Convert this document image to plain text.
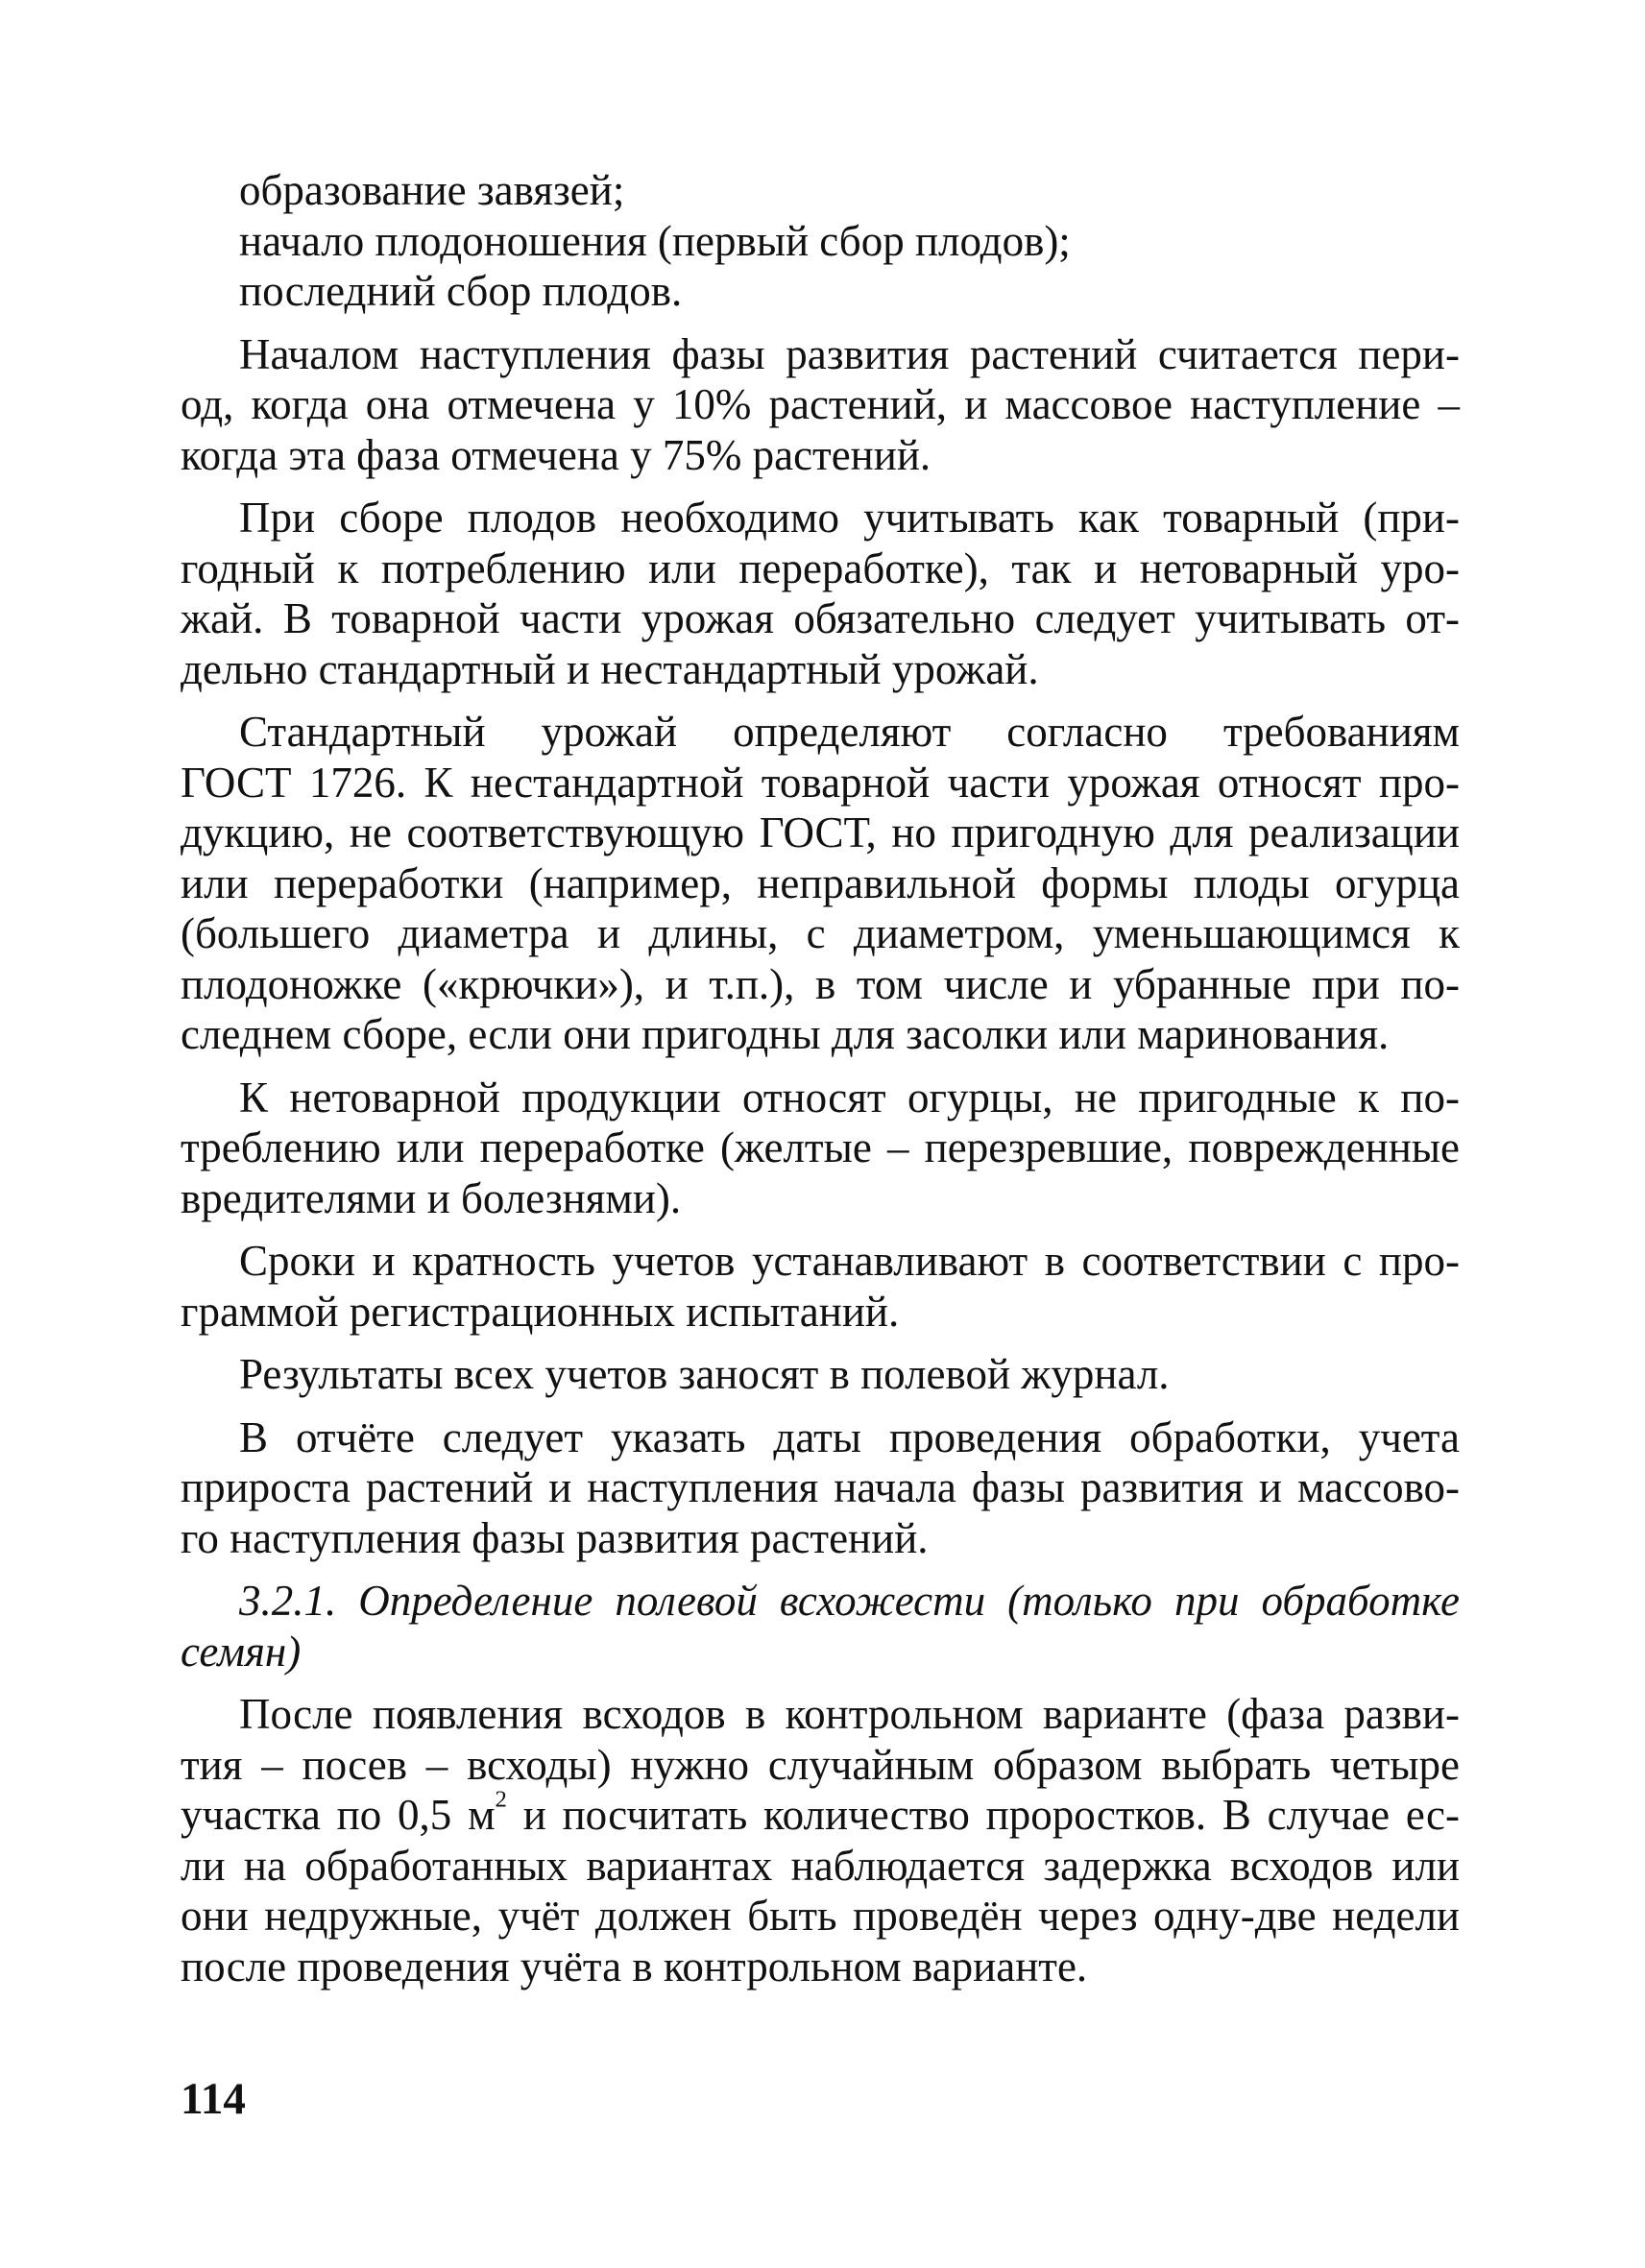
образование завязей;
начало плодоношения (первый сбор плодов);
последний сбор плодов.
Началом наступления фазы развития растений считается пери-
од, когда она отмечена у 10% растений, и массовое наступление –
когда эта фаза отмечена у 75% растений.
При сборе плодов необходимо учитывать как товарный (при-
годный к потреблению или переработке), так и нетоварный уро-
жай. В товарной части урожая обязательно следует учитывать от-
дельно стандартный и нестандартный урожай.
Стандартный урожай определяют согласно требованиям
ГОСТ 1726. К нестандартной товарной части урожая относят про-
дукцию, не соответствующую ГОСТ, но пригодную для реализации
или переработки (например, неправильной формы плоды огурца
(большего диаметра и длины, с диаметром, уменьшающимся к
плодоножке («крючки»), и т.п.), в том числе и убранные при по-
следнем сборе, если они пригодны для засолки или маринования.
К нетоварной продукции относят огурцы, не пригодные к по-
треблению или переработке (желтые – перезревшие, поврежденные
вредителями и болезнями).
Сроки и кратность учетов устанавливают в соответствии с про-
граммой регистрационных испытаний.
Результаты всех учетов заносят в полевой журнал.
В отчёте следует указать даты проведения обработки, учета
прироста растений и наступления начала фазы развития и массово-
го наступления фазы развития растений.
3.2.1. Определение полевой всхожести (только при обработке
семян)
После появления всходов в контрольном варианте (фаза разви-
тия – посев – всходы) нужно случайным образом выбрать четыре
участка по 0,5 $м^2$ и посчитать количество проростков. В случае ес-
ли на обработанных вариантах наблюдается задержка всходов или
они недружные, учёт должен быть проведён через одну-две недели
после проведения учёта в контрольном варианте.
114
